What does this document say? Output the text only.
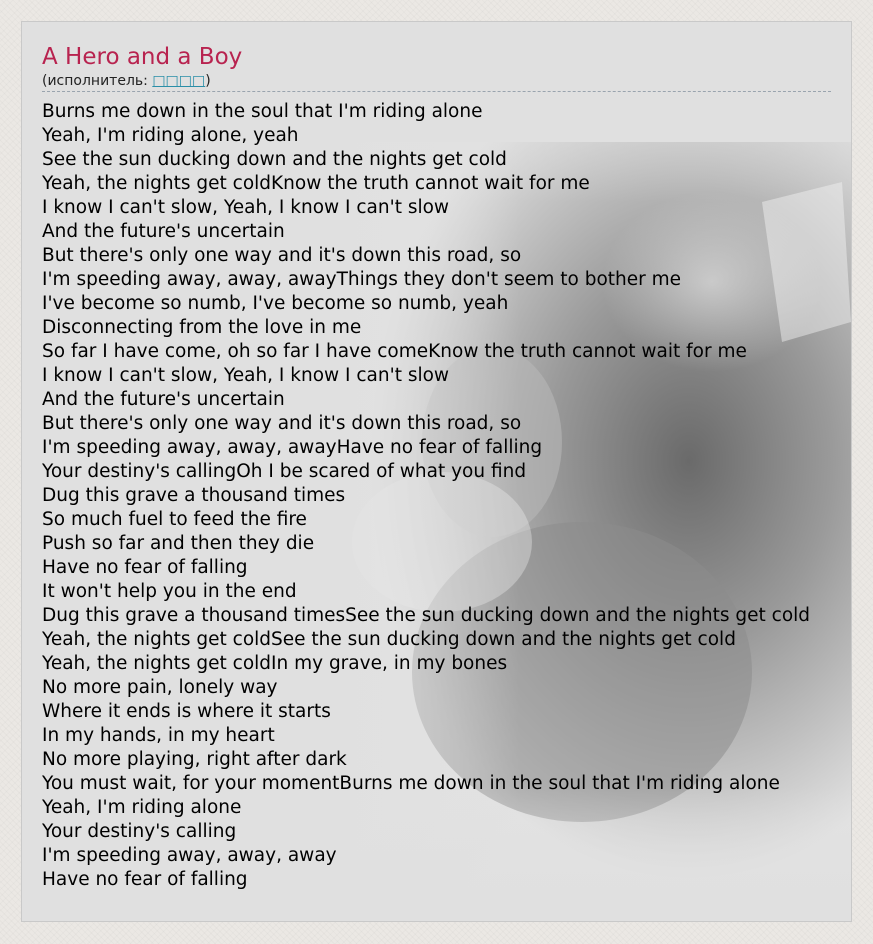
A Hero and a Boy
(исполнитель: □□□□)
Burns me down in the soul that I'm riding alone
Yeah, I'm riding alone, yeah
See the sun ducking down and the nights get cold
Yeah, the nights get coldKnow the truth cannot wait for me
I know I can't slow, Yeah, I know I can't slow
And the future's uncertain
But there's only one way and it's down this road, so
I'm speeding away, away, awayThings they don't seem to bother me
I've become so numb, I've become so numb, yeah
Disconnecting from the love in me
So far I have come, oh so far I have comeKnow the truth cannot wait for me
I know I can't slow, Yeah, I know I can't slow
And the future's uncertain
But there's only one way and it's down this road, so
I'm speeding away, away, awayHave no fear of falling
Your destiny's callingOh I be scared of what you find
Dug this grave a thousand times
So much fuel to feed the fire
Push so far and then they die
Have no fear of falling
It won't help you in the end
Dug this grave a thousand timesSee the sun ducking down and the nights get cold
Yeah, the nights get coldSee the sun ducking down and the nights get cold
Yeah, the nights get coldIn my grave, in my bones
No more pain, lonely way
Where it ends is where it starts
In my hands, in my heart
No more playing, right after dark
You must wait, for your momentBurns me down in the soul that I'm riding alone
Yeah, I'm riding alone
Your destiny's calling
I'm speeding away, away, away
Have no fear of falling
